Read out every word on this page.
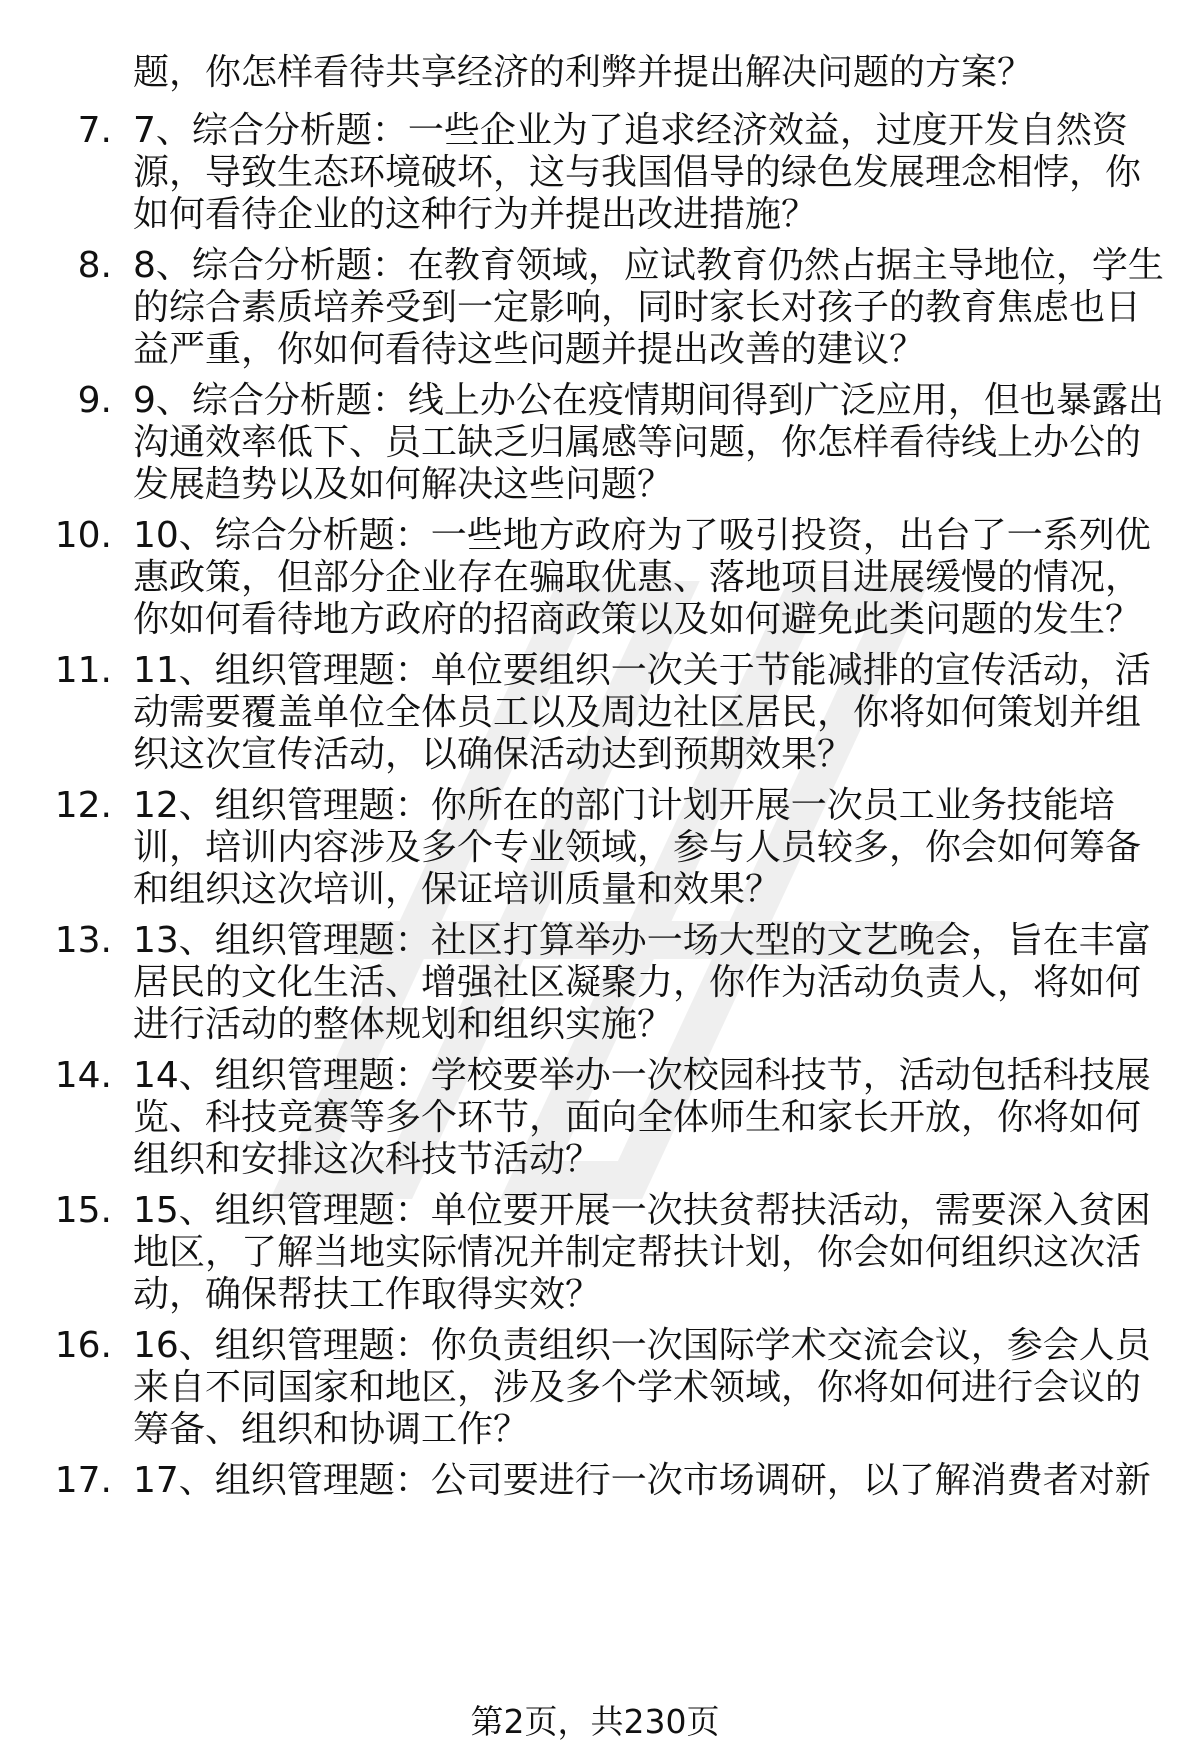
题，你怎样看待共享经济的利弊并提出解决问题的方案？
7. 7、综合分析题：一些企业为了追求经济效益，过度开发自然资
源，导致生态环境破坏，这与我国倡导的绿色发展理念相悖，你
如何看待企业的这种行为并提出改进措施？
8. 8、综合分析题：在教育领域，应试教育仍然占据主导地位，学生
的综合素质培养受到一定影响，同时家长对孩子的教育焦虑也日
益严重，你如何看待这些问题并提出改善的建议？
9. 9、综合分析题：线上办公在疫情期间得到广泛应用，但也暴露出
沟通效率低下、员工缺乏归属感等问题，你怎样看待线上办公的
发展趋势以及如何解决这些问题？
10. 10、综合分析题：一些地方政府为了吸引投资，出台了一系列优
惠政策，但部分企业存在骗取优惠、落地项目进展缓慢的情况，
你如何看待地方政府的招商政策以及如何避免此类问题的发生？
11. 11、组织管理题：单位要组织一次关于节能减排的宣传活动，活
动需要覆盖单位全体员工以及周边社区居民，你将如何策划并组
织这次宣传活动，以确保活动达到预期效果？
12. 12、组织管理题：你所在的部门计划开展一次员工业务技能培
训，培训内容涉及多个专业领域，参与人员较多，你会如何筹备
和组织这次培训，保证培训质量和效果？
13. 13、组织管理题：社区打算举办一场大型的文艺晚会，旨在丰富
居民的文化生活、增强社区凝聚力，你作为活动负责人，将如何
进行活动的整体规划和组织实施？
14. 14、组织管理题：学校要举办一次校园科技节，活动包括科技展
览、科技竞赛等多个环节，面向全体师生和家长开放，你将如何
组织和安排这次科技节活动？
15. 15、组织管理题：单位要开展一次扶贫帮扶活动，需要深入贫困
地区，了解当地实际情况并制定帮扶计划，你会如何组织这次活
动，确保帮扶工作取得实效？
16. 16、组织管理题：你负责组织一次国际学术交流会议，参会人员
来自不同国家和地区，涉及多个学术领域，你将如何进行会议的
筹备、组织和协调工作？
17. 17、组织管理题：公司要进行一次市场调研，以了解消费者对新
第2页，共230页
